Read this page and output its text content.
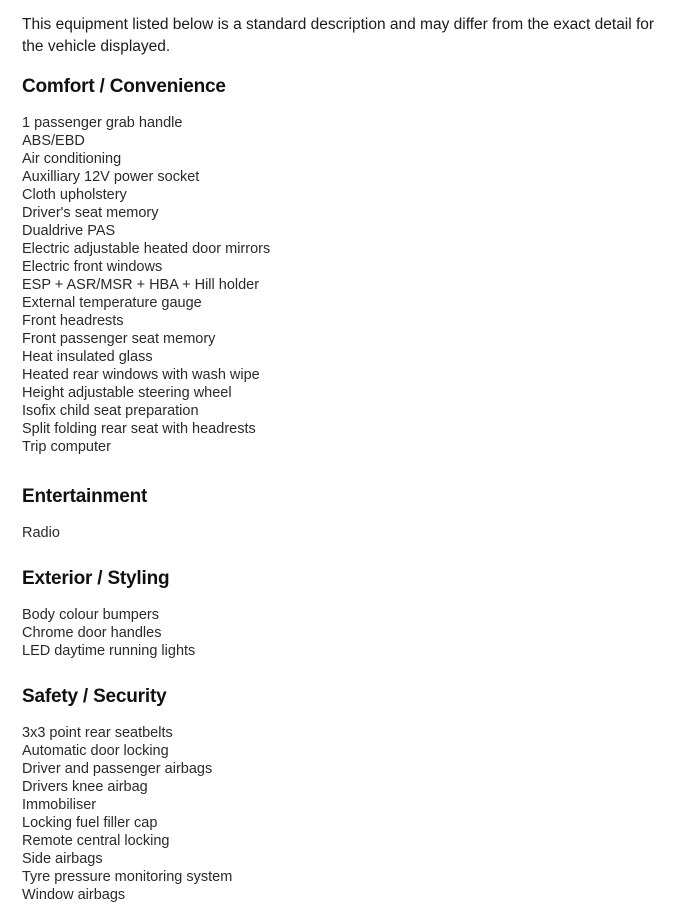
This equipment listed below is a standard description and may differ from the exact detail for the vehicle displayed.

Comfort / Convenience
1 passenger grab handle
ABS/EBD
Air conditioning
Auxilliary 12V power socket
Cloth upholstery
Driver's seat memory
Dualdrive PAS
Electric adjustable heated door mirrors
Electric front windows
ESP + ASR/MSR + HBA + Hill holder
External temperature gauge
Front headrests
Front passenger seat memory
Heat insulated glass
Heated rear windows with wash wipe
Height adjustable steering wheel
Isofix child seat preparation
Split folding rear seat with headrests
Trip computer
Entertainment
Radio
Exterior / Styling
Body colour bumpers
Chrome door handles
LED daytime running lights
Safety / Security
3x3 point rear seatbelts
Automatic door locking
Driver and passenger airbags
Drivers knee airbag
Immobiliser
Locking fuel filler cap
Remote central locking
Side airbags
Tyre pressure monitoring system
Window airbags
